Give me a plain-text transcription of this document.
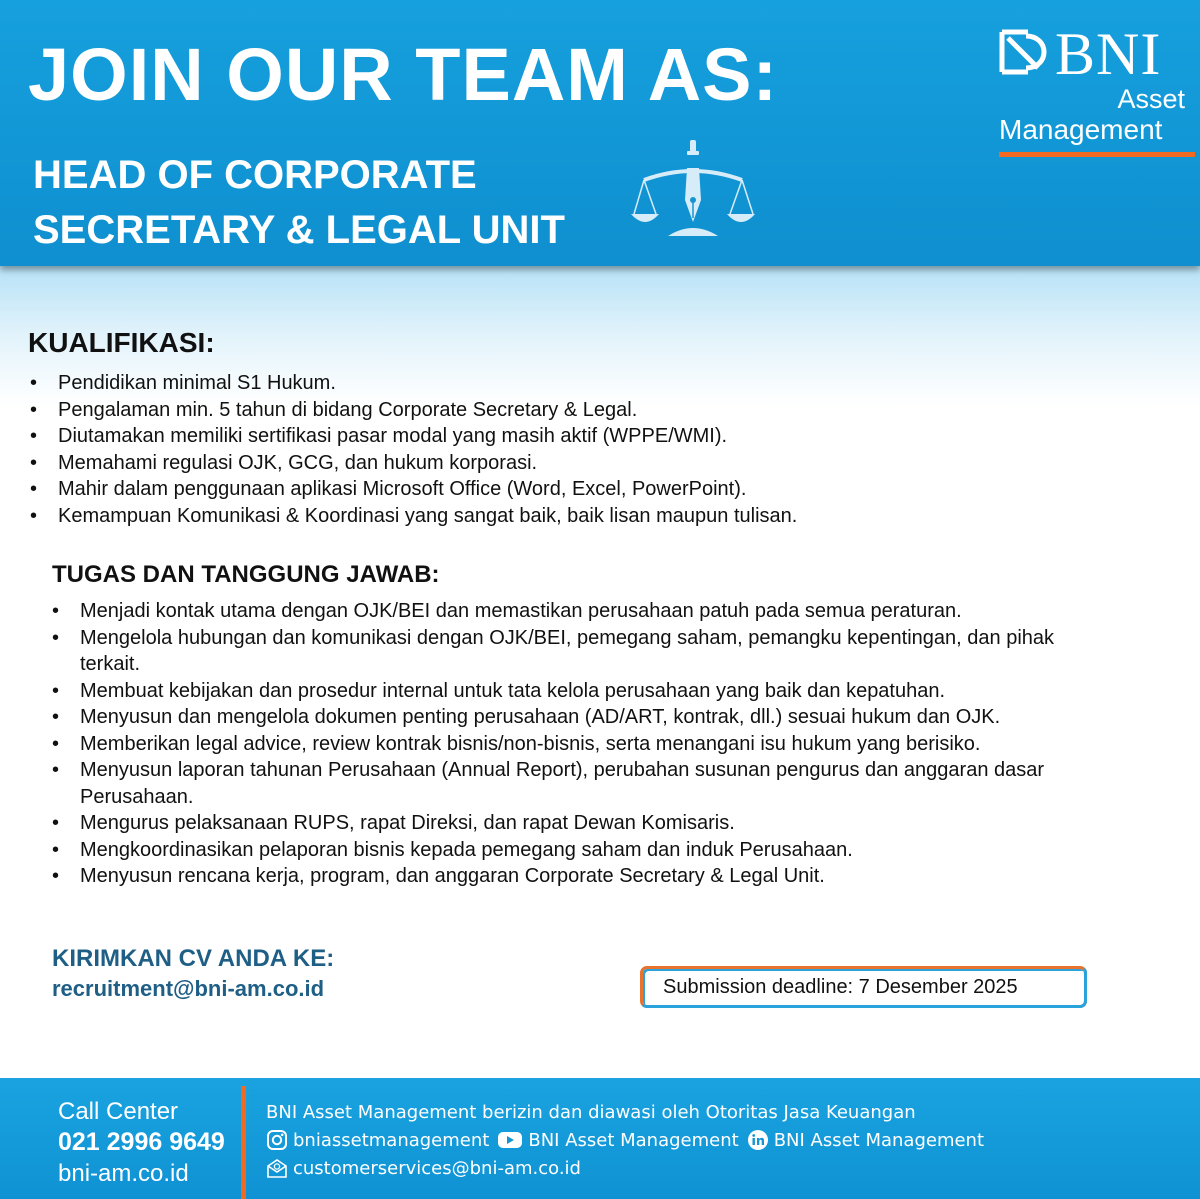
JOIN OUR TEAM AS:
HEAD OF CORPORATE
SECRETARY & LEGAL UNIT
BNI
Asset
Management
KUALIFIKASI:
• Pendidikan minimal S1 Hukum.
• Pengalaman min. 5 tahun di bidang Corporate Secretary & Legal.
• Diutamakan memiliki sertifikasi pasar modal yang masih aktif (WPPE/WMI).
• Memahami regulasi OJK, GCG, dan hukum korporasi.
• Mahir dalam penggunaan aplikasi Microsoft Office (Word, Excel, PowerPoint).
• Kemampuan Komunikasi & Koordinasi yang sangat baik, baik lisan maupun tulisan.
TUGAS DAN TANGGUNG JAWAB:
• Menjadi kontak utama dengan OJK/BEI dan memastikan perusahaan patuh pada semua peraturan.
• Mengelola hubungan dan komunikasi dengan OJK/BEI, pemegang saham, pemangku kepentingan, dan pihak terkait.
• Membuat kebijakan dan prosedur internal untuk tata kelola perusahaan yang baik dan kepatuhan.
• Menyusun dan mengelola dokumen penting perusahaan (AD/ART, kontrak, dll.) sesuai hukum dan OJK.
• Memberikan legal advice, review kontrak bisnis/non-bisnis, serta menangani isu hukum yang berisiko.
• Menyusun laporan tahunan Perusahaan (Annual Report), perubahan susunan pengurus dan anggaran dasar Perusahaan.
• Mengurus pelaksanaan RUPS, rapat Direksi, dan rapat Dewan Komisaris.
• Mengkoordinasikan pelaporan bisnis kepada pemegang saham dan induk Perusahaan.
• Menyusun rencana kerja, program, dan anggaran Corporate Secretary & Legal Unit.
KIRIMKAN CV ANDA KE:
recruitment@bni-am.co.id	Submission deadline: 7 Desember 2025
Call Center
021 2996 9649
bni-am.co.id
BNI Asset Management berizin dan diawasi oleh Otoritas Jasa Keuangan
bniassetmanagement BNI Asset Management BNI Asset Management
customerservices@bni-am.co.id
